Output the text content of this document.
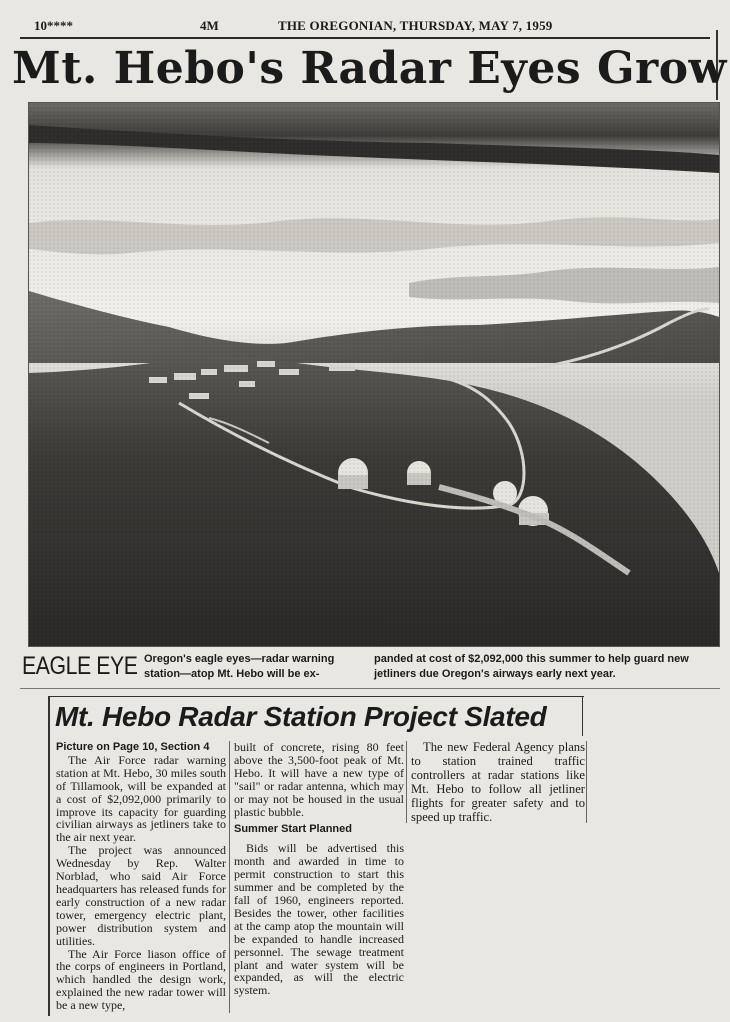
10****	4M	THE OREGONIAN, THURSDAY, MAY 7, 1959
Mt. Hebo's Radar Eyes Grow
EAGLE EYE Oregon's eagle eyes—radar warning station—atop Mt. Hebo will be ex-
panded at cost of $2,092,000 this summer to help guard new jetliners due Oregon's airways early next year.
Mt. Hebo Radar Station Project Slated

Picture on Page 10, Section 4

The Air Force radar warning station at Mt. Hebo, 30 miles south of Tillamook, will be expanded at a cost of $2,092,000 primarily to improve its capacity for guarding civilian airways as jetliners take to the air next year.

The project was announced Wednesday by Rep. Walter Norblad, who said Air Force headquarters has released funds for early construction of a new radar tower, emergency electric plant, power distribution system and utilities.

The Air Force liason office of the corps of engineers in Portland, which handled the design work, explained the new radar tower will be a new type,

built of concrete, rising 80 feet above the 3,500-foot peak of Mt. Hebo. It will have a new type of "sail" or radar antenna, which may or may not be housed in the usual plastic bubble.

Summer Start Planned

Bids will be advertised this month and awarded in time to permit construction to start this summer and be completed by the fall of 1960, engineers reported. Besides the tower, other facilities at the camp atop the mountain will be expanded to handle increased personnel. The sewage treatment plant and water system will be expanded, as will the electric system.

The new Federal Agency plans to station trained traffic controllers at radar stations like Mt. Hebo to follow all jetliner flights for greater safety and to speed up traffic.
